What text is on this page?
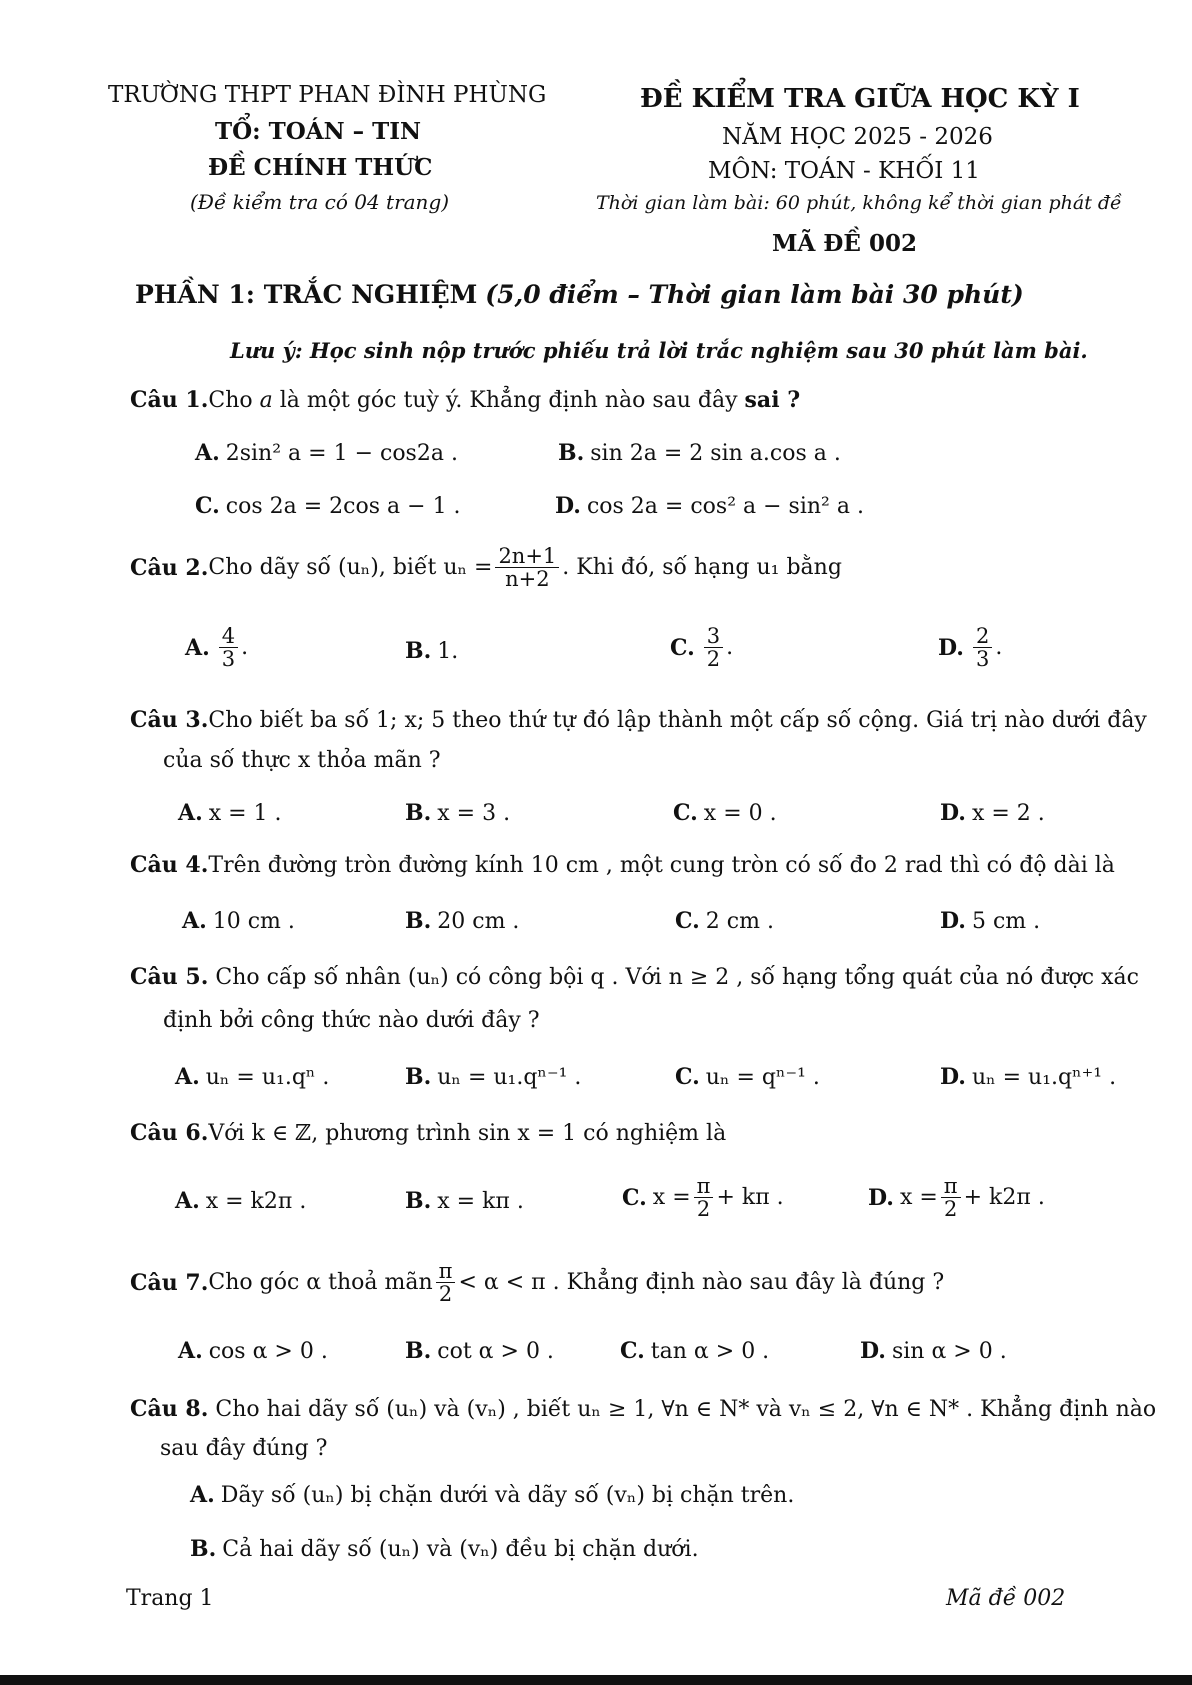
TRƯỜNG THPT PHAN ĐÌNH PHÙNG
TỔ: TOÁN – TIN
ĐỀ CHÍNH THỨC
(Đề kiểm tra có 04 trang)
ĐỀ KIỂM TRA GIỮA HỌC KỲ I
NĂM HỌC 2025 - 2026
MÔN: TOÁN - KHỐI 11
Thời gian làm bài: 60 phút, không kể thời gian phát đề
MÃ ĐỀ 002
PHẦN 1: TRẮC NGHIỆM (5,0 điểm – Thời gian làm bài 30 phút)
Lưu ý: Học sinh nộp trước phiếu trả lời trắc nghiệm sau 30 phút làm bài.
Câu 1.Cho a là một góc tuỳ ý. Khẳng định nào sau đây sai ?
A. 2sin² a = 1 − cos2a .	B. sin 2a = 2 sin a.cos a .
C. cos 2a = 2cos a − 1 .	D. cos 2a = cos² a − sin² a .
Câu 2. Cho dãy số (uₙ), biết $u_n = \frac{2n+1}{n+2}$ . Khi đó, số hạng u₁ bằng
A. $\frac{4}{3}$ .	B. 1.	C. $\frac{3}{2}$ .	D. $\frac{2}{3}$ .
Câu 3.Cho biết ba số 1; x; 5 theo thứ tự đó lập thành một cấp số cộng. Giá trị nào dưới đây
của số thực x thỏa mãn ?
A. x = 1 .	B. x = 3 .	C. x = 0 .	D. x = 2 .
Câu 4.Trên đường tròn đường kính 10 cm , một cung tròn có số đo 2 rad thì có độ dài là
A. 10 cm .	B. 20 cm .	C. 2 cm .	D. 5 cm .
Câu 5. Cho cấp số nhân (uₙ) có công bội q . Với n ≥ 2 , số hạng tổng quát của nó được xác
định bởi công thức nào dưới đây ?
A. uₙ = u₁.qⁿ .	B. uₙ = u₁.qⁿ⁻¹ .	C. uₙ = qⁿ⁻¹ .	D. uₙ = u₁.qⁿ⁺¹ .
Câu 6.Với k ∈ ℤ, phương trình sin x = 1 có nghiệm là
A. x = k2π .	B. x = kπ .	C. $x = \frac{\pi}{2} + k\pi$ .	D. $x = \frac{\pi}{2} + k2\pi$ .
Câu 7. Cho góc α thoả mãn $\frac{\pi}{2} < \alpha < \pi$ . Khẳng định nào sau đây là đúng ?
A. cos α > 0 .	B. cot α > 0 .	C. tan α > 0 .	D. sin α > 0 .
Câu 8. Cho hai dãy số (uₙ) và (vₙ) , biết uₙ ≥ 1, ∀n ∈ N* và vₙ ≤ 2, ∀n ∈ N* . Khẳng định nào
sau đây đúng ?
A. Dãy số (uₙ) bị chặn dưới và dãy số (vₙ) bị chặn trên.
B. Cả hai dãy số (uₙ) và (vₙ) đều bị chặn dưới.
Trang 1	Mã đề 002
